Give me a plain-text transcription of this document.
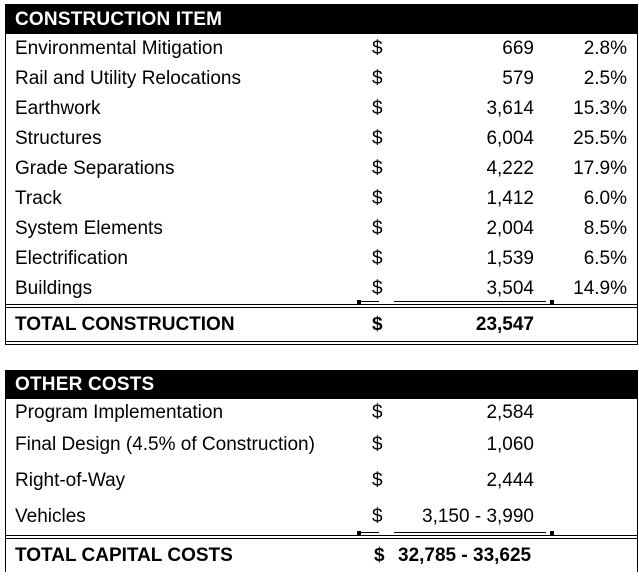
CONSTRUCTION ITEM
Environmental Mitigation	$	669	2.8%
Rail and Utility Relocations	$	579	2.5%
Earthwork	$	3,614 15.3%
Structures	$	6,004 25.5%
Grade Separations	$	4,222 17.9%
Track	$	1,412	6.0%
System Elements	$	2,004	8.5%
Electrification	$	1,539	6.5%
Buildings	$	3,504 14.9%
TOTAL CONSTRUCTION	$	23,547
OTHER COSTS
Program Implementation	$	2,584
Final Design (4.5% of Construction)	$	1,060
Right-of-Way	$	2,444
Vehicles	$ 3,150 - 3,990
TOTAL CAPITAL COSTS	$ 32,785 - 33,625
